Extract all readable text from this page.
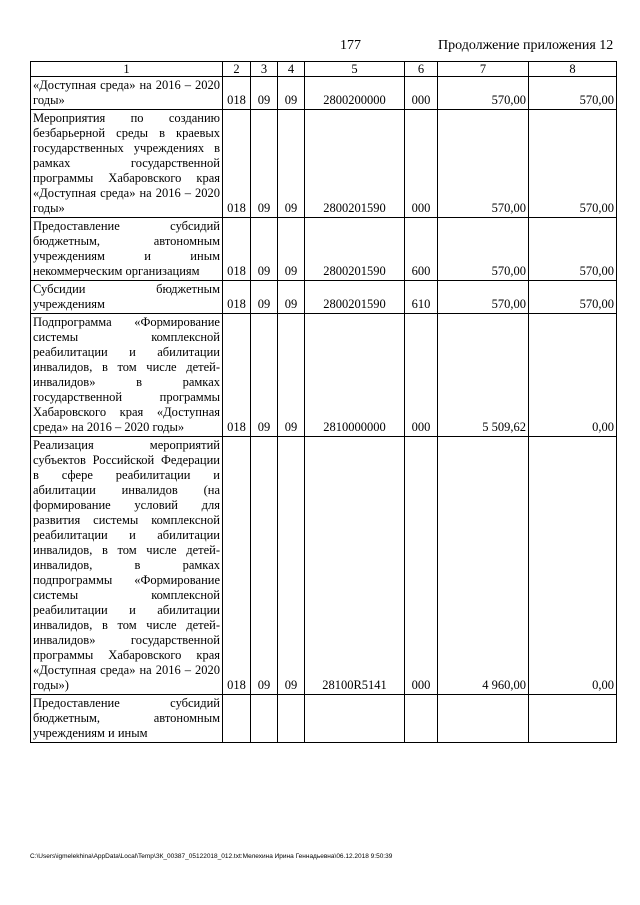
177	Продолжение приложения 12
1	2	3	4	5	6	7	8
«Доступная среда» на 2016 – 2020 годы»	018	09	09	2800200000	000	570,00	570,00
Мероприятия по созданию безбарьерной среды в краевых государственных учреждениях в рамках государственной программы Хабаровского края «Доступная среда» на 2016 – 2020 годы»	018	09	09	2800201590	000	570,00	570,00
Предоставление субсидий бюджетным, автономным учреждениям и иным некоммерческим организациям	018	09	09	2800201590	600	570,00	570,00
Субсидии бюджетным учреждениям	018	09	09	2800201590	610	570,00	570,00
Подпрограмма «Формирование системы комплексной реабилитации и абилитации инвалидов, в том числе детей-инвалидов» в рамках государственной программы Хабаровского края «Доступная среда» на 2016 – 2020 годы»	018	09	09	2810000000	000	5 509,62	0,00
Реализация мероприятий субъектов Российской Федерации в сфере реабилитации и абилитации инвалидов (на формирование условий для развития системы комплексной реабилитации и абилитации инвалидов, в том числе детей-инвалидов, в рамках подпрограммы «Формирование системы комплексной реабилитации и абилитации инвалидов, в том числе детей-инвалидов» государственной программы Хабаровского края «Доступная среда» на 2016 – 2020 годы»)	018	09	09	28100R5141	000	4 960,00	0,00
Предоставление субсидий бюджетным, автономным учреждениям и иным							
C:\Users\igmelekhina\AppData\Local\Temp\ЗК_00387_05122018_012.txt:Мелехина Ирина Геннадьевна\06.12.2018 9:50:39
